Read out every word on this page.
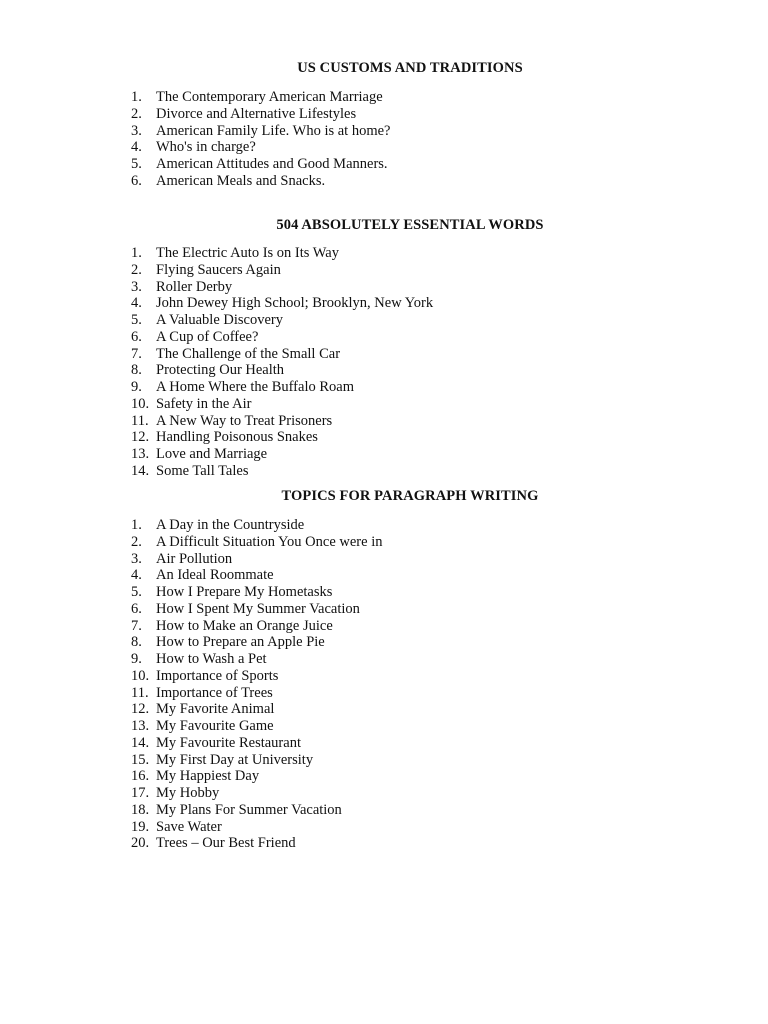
US CUSTOMS AND TRADITIONS
1. The Contemporary American Marriage
2. Divorce and Alternative Lifestyles
3. American Family Life. Who is at home?
4. Who's in charge?
5. American Attitudes and Good Manners.
6. American Meals and Snacks.
504 ABSOLUTELY ESSENTIAL WORDS
1. The Electric Auto Is on Its Way
2. Flying Saucers Again
3. Roller Derby
4. John Dewey High School; Brooklyn, New York
5. A Valuable Discovery
6. A Cup of Coffee?
7. The Challenge of the Small Car
8. Protecting Our Health
9. A Home Where the Buffalo Roam
10. Safety in the Air
11. A New Way to Treat Prisoners
12. Handling Poisonous Snakes
13. Love and Marriage
14. Some Tall Tales
TOPICS FOR PARAGRAPH WRITING
1. A Day in the Countryside
2. A Difficult Situation You Once were in
3. Air Pollution
4. An Ideal Roommate
5. How I Prepare My Hometasks
6. How I Spent My Summer Vacation
7. How to Make an Orange Juice
8. How to Prepare an Apple Pie
9. How to Wash a Pet
10. Importance of Sports
11. Importance of Trees
12. My Favorite Animal
13. My Favourite Game
14. My Favourite Restaurant
15. My First Day at University
16. My Happiest Day
17. My Hobby
18. My Plans For Summer Vacation
19. Save Water
20. Trees – Our Best Friend
